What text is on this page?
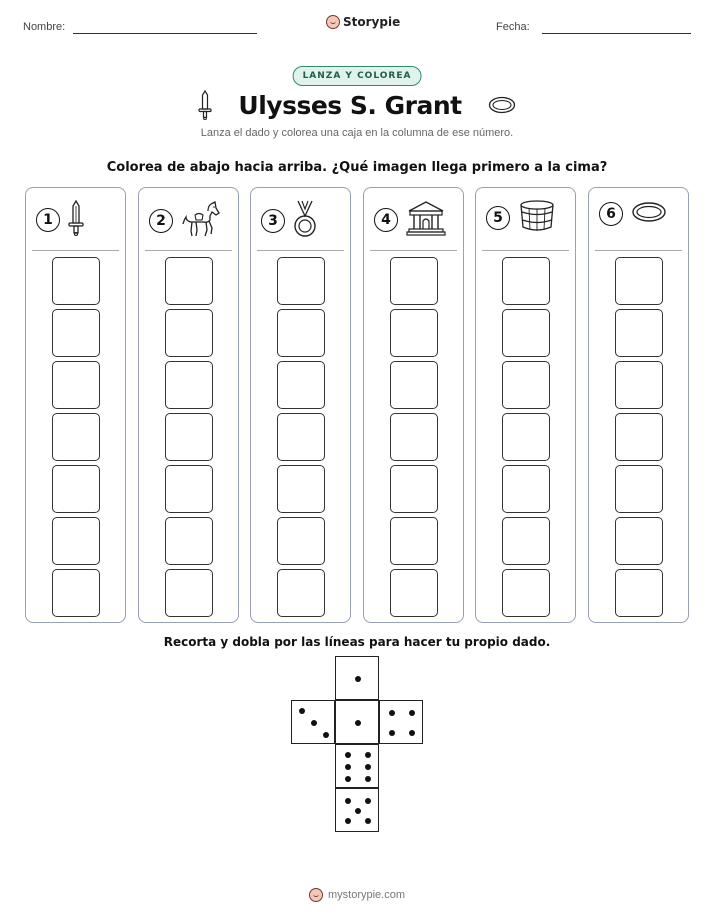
Nombre:	Storypie	Fecha:
LANZA Y COLOREA
Ulysses S. Grant
Lanza el dado y colorea una caja en la columna de ese número.
Colorea de abajo hacia arriba. ¿Qué imagen llega primero a la cima?
1	2	3	4	5	6
Recorta y dobla por las líneas para hacer tu propio dado.
mystorypie.com
